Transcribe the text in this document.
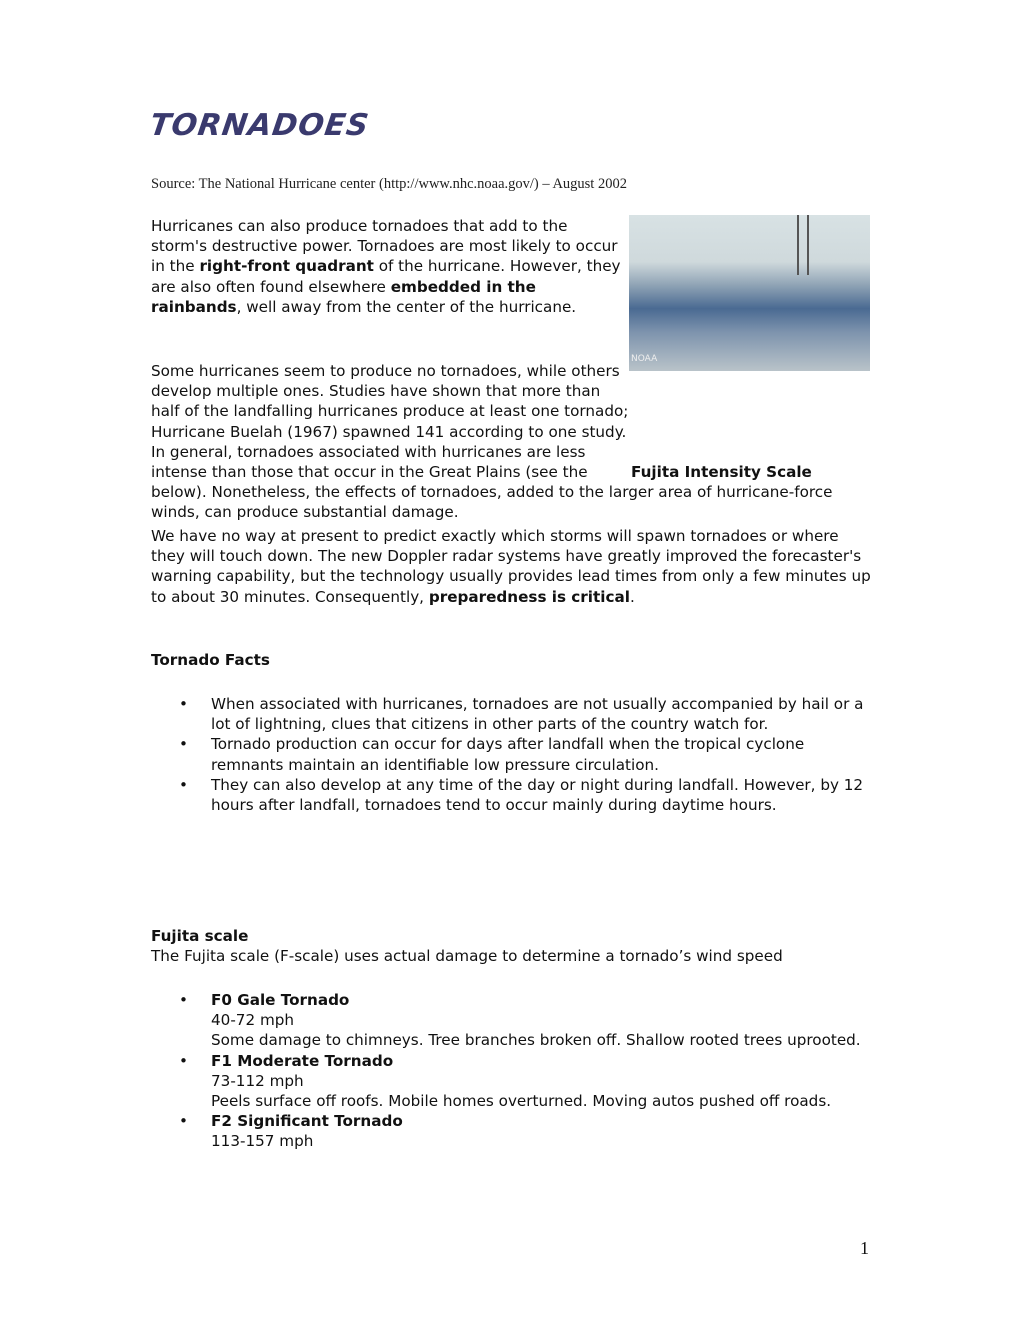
TORNADOES
Source: The National Hurricane center (http://www.nhc.noaa.gov/) – August 2002
Hurricanes can also produce tornadoes that add to the storm's destructive power. Tornadoes are most likely to occur in the right-front quadrant of the hurricane. However, they are also often found elsewhere embedded in the rainbands, well away from the center of the hurricane.
NOAA
Some hurricanes seem to produce no tornadoes, while others develop multiple ones. Studies have shown that more than half of the landfalling hurricanes produce at least one tornado; Hurricane Buelah (1967) spawned 141 according to one study. In general, tornadoes associated with hurricanes are less intense than those that occur in the Great Plains (see the	Fujita Intensity Scale below). Nonetheless, the effects of tornadoes, added to the larger area of hurricane-force winds, can produce substantial damage.
We have no way at present to predict exactly which storms will spawn tornadoes or where they will touch down. The new Doppler radar systems have greatly improved the forecaster's warning capability, but the technology usually provides lead times from only a few minutes up to about 30 minutes. Consequently, preparedness is critical.
Tornado Facts
• When associated with hurricanes, tornadoes are not usually accompanied by hail or a lot of lightning, clues that citizens in other parts of the country watch for.
• Tornado production can occur for days after landfall when the tropical cyclone remnants maintain an identifiable low pressure circulation.
• They can also develop at any time of the day or night during landfall. However, by 12 hours after landfall, tornadoes tend to occur mainly during daytime hours.
Fujita scale
The Fujita scale (F-scale) uses actual damage to determine a tornado’s wind speed
• F0 Gale Tornado
40-72 mph
Some damage to chimneys. Tree branches broken off. Shallow rooted trees uprooted.
• F1 Moderate Tornado
73-112 mph
Peels surface off roofs. Mobile homes overturned. Moving autos pushed off roads.
• F2 Significant Tornado
113-157 mph
1
